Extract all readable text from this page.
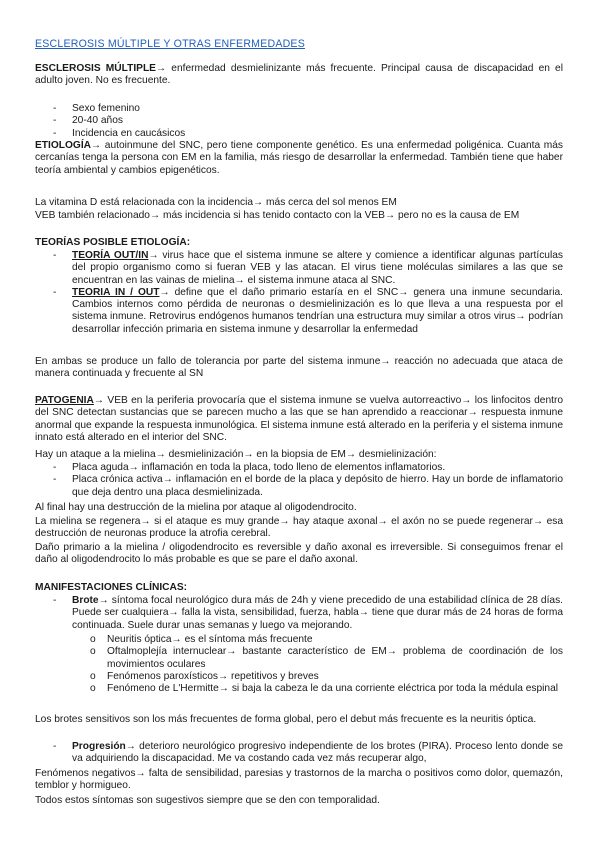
ESCLEROSIS MÚLTIPLE Y OTRAS ENFERMEDADES

ESCLEROSIS MÚLTIPLE→ enfermedad desmielinizante más frecuente. Principal causa de discapacidad en el adulto joven. No es frecuente.

- Sexo femenino
- 20-40 años
- Incidencia en caucásicos

ETIOLOGÍA→ autoinmune del SNC, pero tiene componente genético. Es una enfermedad poligénica. Cuanta más cercanías tenga la persona con EM en la familia, más riesgo de desarrollar la enfermedad. También tiene que haber teoría ambiental y cambios epigenéticos.

La vitamina D está relacionada con la incidencia→ más cerca del sol menos EM

VEB también relacionado→ más incidencia si has tenido contacto con la VEB→ pero no es la causa de EM

TEORÍAS POSIBLE ETIOLOGÍA:

- TEORÍA OUT/IN→ virus hace que el sistema inmune se altere y comience a identificar algunas partículas del propio organismo como si fueran VEB y las atacan. El virus tiene moléculas similares a las que se encuentran en las vainas de mielina→ el sistema inmune ataca al SNC.
- TEORIA IN / OUT→ define que el daño primario estaría en el SNC→ genera una inmune secundaria. Cambios internos como pérdida de neuronas o desmielinización es lo que lleva a una respuesta por el sistema inmune. Retrovirus endógenos humanos tendrían una estructura muy similar a otros virus→ podrían desarrollar infección primaria en sistema inmune y desarrollar la enfermedad

En ambas se produce un fallo de tolerancia por parte del sistema inmune→ reacción no adecuada que ataca de manera continuada y frecuente al SN

PATOGENIA→ VEB en la periferia provocaría que el sistema inmune se vuelva autorreactivo→ los linfocitos dentro del SNC detectan sustancias que se parecen mucho a las que se han aprendido a reaccionar→ respuesta inmune anormal que expande la respuesta inmunológica. El sistema inmune está alterado en la periferia y el sistema inmune innato está alterado en el interior del SNC.

Hay un ataque a la mielina→ desmielinización→ en la biopsia de EM→ desmielinización:

- Placa aguda→ inflamación en toda la placa, todo lleno de elementos inflamatorios.
- Placa crónica activa→ inflamación en el borde de la placa y depósito de hierro. Hay un borde de inflamatorio que deja dentro una placa desmielinizada.

Al final hay una destrucción de la mielina por ataque al oligodendrocito.

La mielina se regenera→ si el ataque es muy grande→ hay ataque axonal→ el axón no se puede regenerar→ esa destrucción de neuronas produce la atrofia cerebral.

Daño primario a la mielina / oligodendrocito es reversible y daño axonal es irreversible. Si conseguimos frenar el daño al oligodendrocito lo más probable es que se pare el daño axonal.

MANIFESTACIONES CLÍNICAS:

- Brote→ síntoma focal neurológico dura más de 24h y viene precedido de una estabilidad clínica de 28 días. Puede ser cualquiera→ falla la vista, sensibilidad, fuerza, habla→ tiene que durar más de 24 horas de forma continuada. Suele durar unas semanas y luego va mejorando.
o Neuritis óptica→ es el síntoma más frecuente
o Oftalmoplejía internuclear→ bastante característico de EM→ problema de coordinación de los movimientos oculares
o Fenómenos paroxísticos→ repetitivos y breves
o Fenómeno de L'Hermitte→ si baja la cabeza le da una corriente eléctrica por toda la médula espinal

Los brotes sensitivos son los más frecuentes de forma global, pero el debut más frecuente es la neuritis óptica.

- Progresión→ deterioro neurológico progresivo independiente de los brotes (PIRA). Proceso lento donde se va adquiriendo la discapacidad. Me va costando cada vez más recuperar algo,

Fenómenos negativos→ falta de sensibilidad, paresias y trastornos de la marcha o positivos como dolor, quemazón, temblor y hormigueo.

Todos estos síntomas son sugestivos siempre que se den con temporalidad.
